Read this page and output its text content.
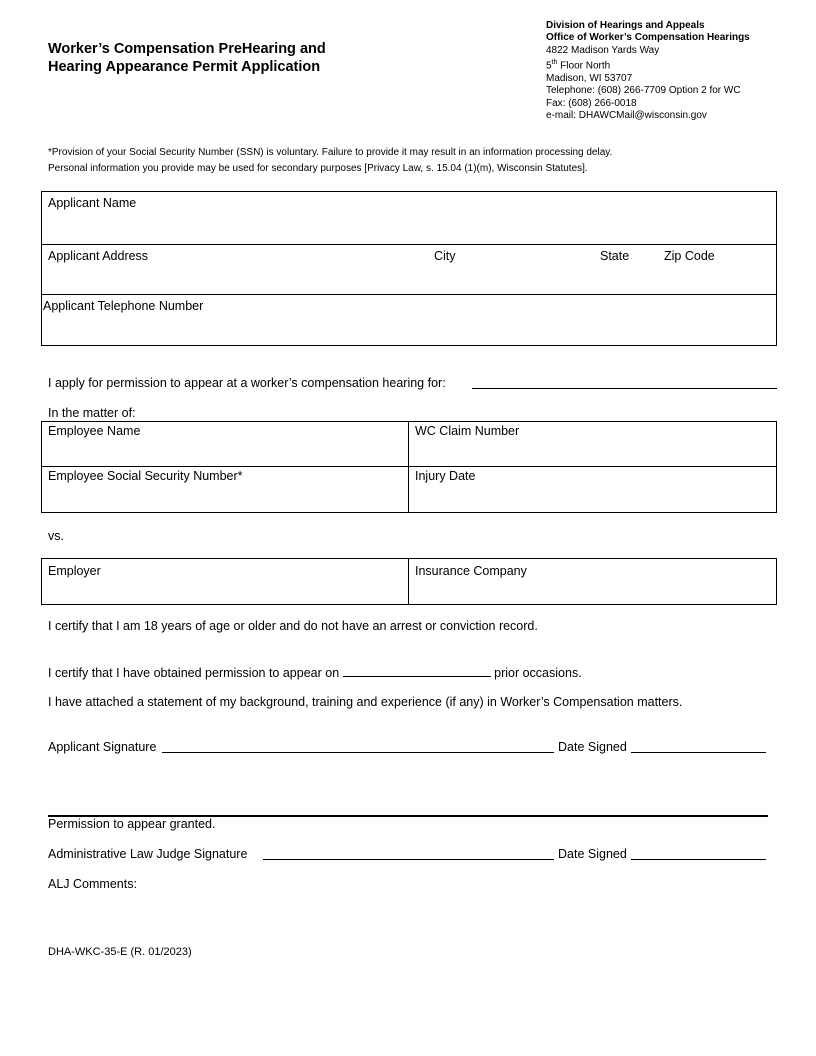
Worker’s Compensation PreHearing and
Hearing Appearance Permit Application
Division of Hearings and Appeals
Office of Worker’s Compensation Hearings
4822 Madison Yards Way
5th Floor North
Madison, WI 53707
Telephone: (608) 266-7709 Option 2 for WC
Fax: (608) 266-0018
e-mail: DHAWCMail@wisconsin.gov
*Provision of your Social Security Number (SSN) is voluntary. Failure to provide it may result in an information processing delay.
Personal information you provide may be used for secondary purposes [Privacy Law, s. 15.04 (1)(m), Wisconsin Statutes].
Applicant Name
Applicant Address	City	State	Zip Code
Applicant Telephone Number
I apply for permission to appear at a worker’s compensation hearing for:
In the matter of:
Employee Name	WC Claim Number
Employee Social Security Number*	Injury Date
vs.
Employer	Insurance Company
I certify that I am 18 years of age or older and do not have an arrest or conviction record.
I certify that I have obtained permission to appear on	prior occasions.
I have attached a statement of my background, training and experience (if any) in Worker’s Compensation matters.
Applicant Signature	Date Signed
Permission to appear granted.
Administrative Law Judge Signature	Date Signed
ALJ Comments:
DHA-WKC-35-E (R. 01/2023)
